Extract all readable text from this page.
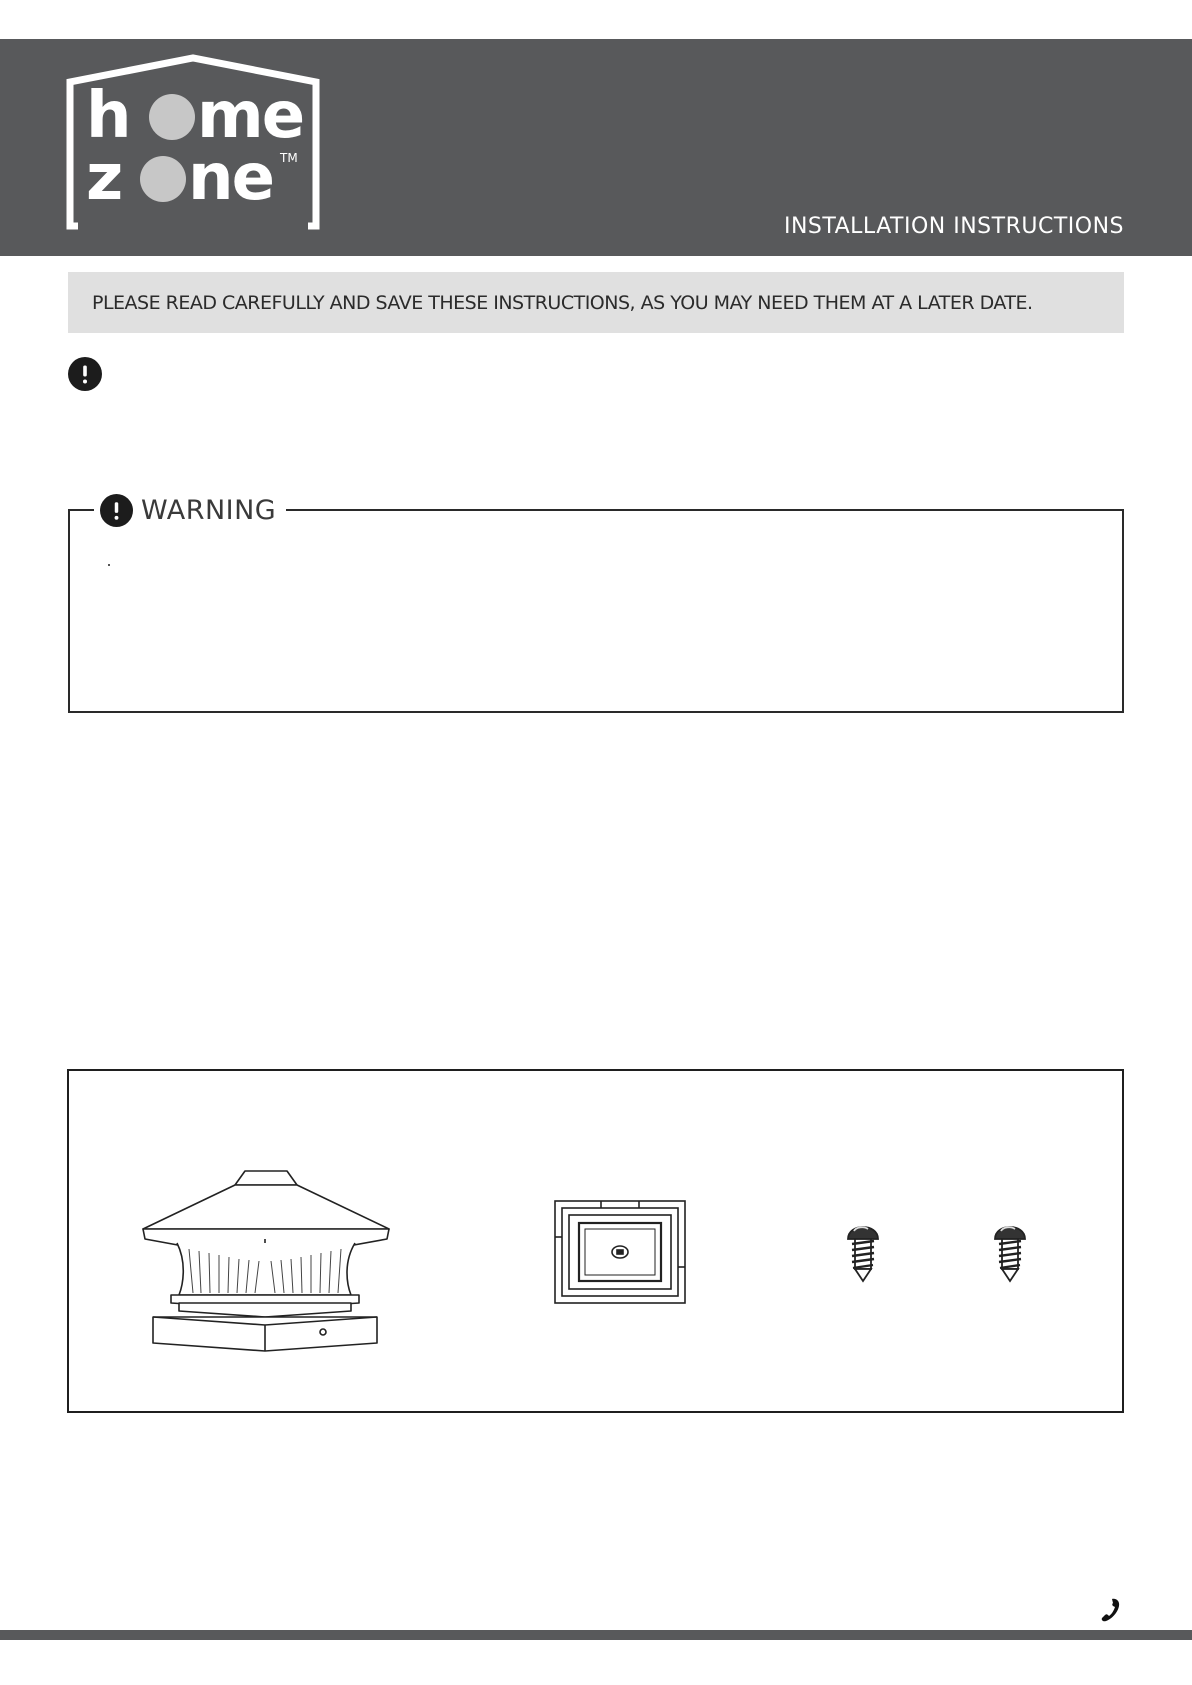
h me
z ne TM
INSTALLATION INSTRUCTIONS
PLEASE READ CAREFULLY AND SAVE THESE INSTRUCTIONS, AS YOU MAY NEED THEM AT A LATER DATE.
WARNING
